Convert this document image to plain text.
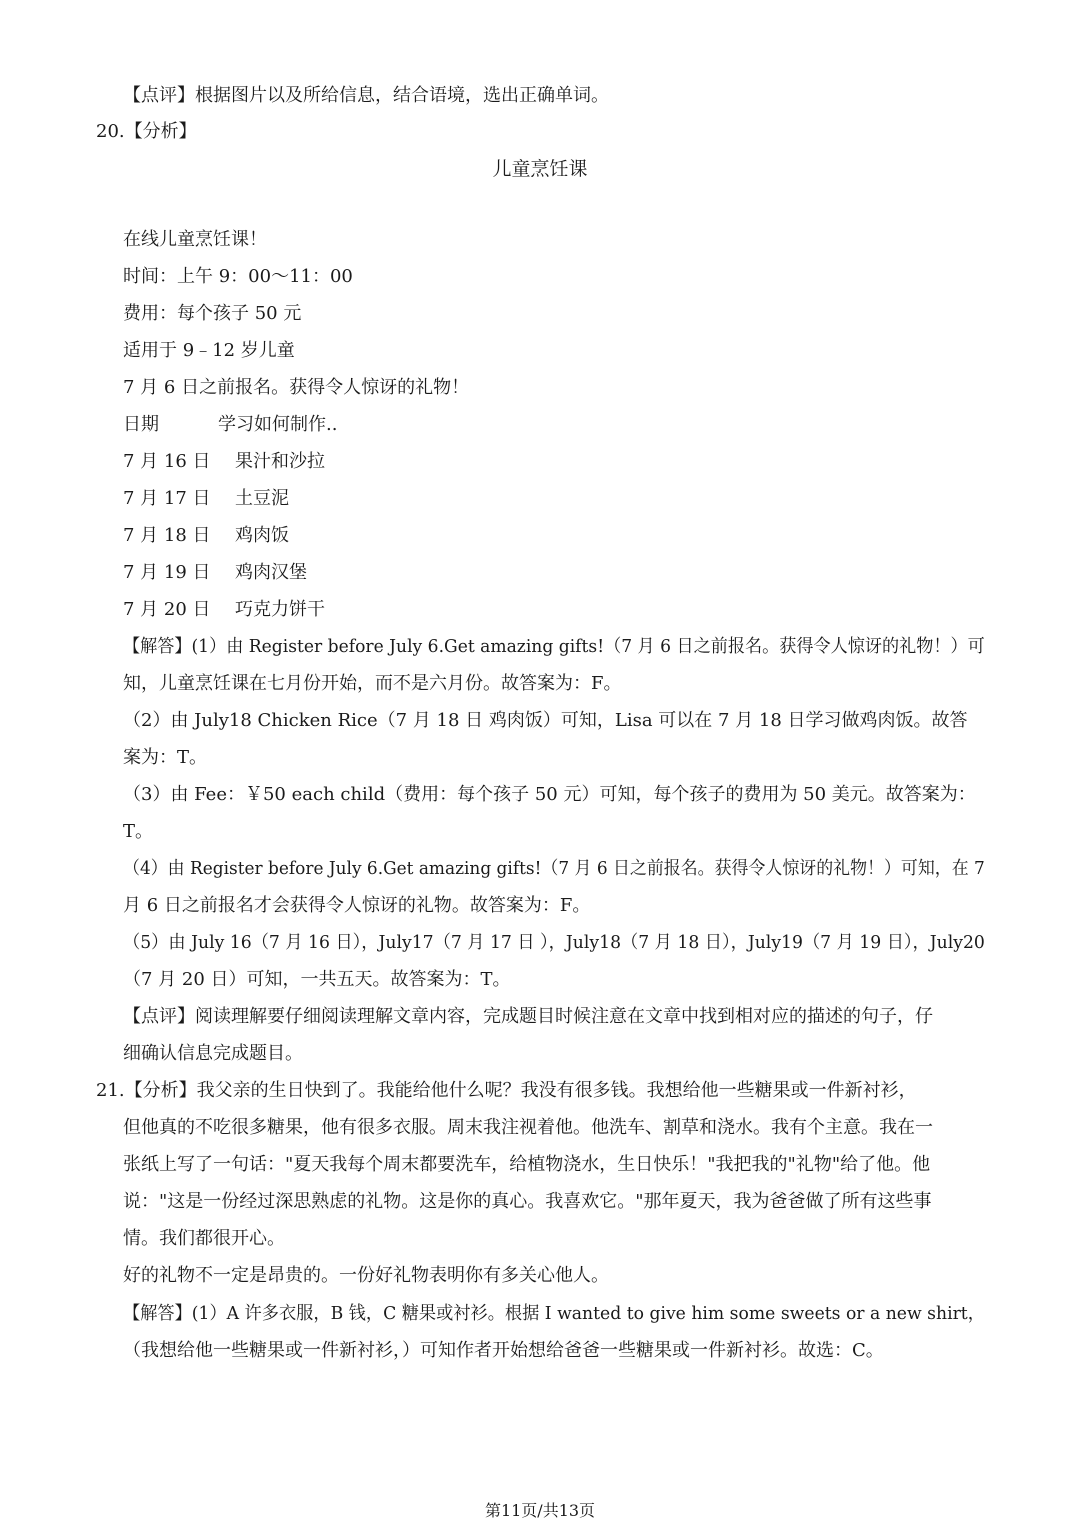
【点评】根据图片以及所给信息，结合语境，选出正确单词。
20.【分析】
儿童烹饪课
在线儿童烹饪课！
时间：上午 9：00～11：00
费用：每个孩子 50 元
适用于 9﹣12 岁儿童
7 月 6 日之前报名。获得令人惊讶的礼物！
日期	学习如何制作..
7 月 16 日 果汁和沙拉
7 月 17 日 土豆泥
7 月 18 日 鸡肉饭
7 月 19 日 鸡肉汉堡
7 月 20 日 巧克力饼干
【解答】(1）由 Register before July 6.Get amazing gifts!（7 月 6 日之前报名。获得令人惊讶的礼物！）可
知，儿童烹饪课在七月份开始，而不是六月份。故答案为：F。
（2）由 July18 Chicken Rice（7 月 18 日 鸡肉饭）可知，Lisa 可以在 7 月 18 日学习做鸡肉饭。故答
案为：T。
（3）由 Fee：￥50 each child（费用：每个孩子 50 元）可知，每个孩子的费用为 50 美元。故答案为：
T。
（4）由 Register before July 6.Get amazing gifts!（7 月 6 日之前报名。获得令人惊讶的礼物！）可知，在 7
月 6 日之前报名才会获得令人惊讶的礼物。故答案为：F。
（5）由 July 16（7 月 16 日），July17（7 月 17 日 ），July18（7 月 18 日），July19（7 月 19 日），July20
（7 月 20 日）可知，一共五天。故答案为：T。
【点评】阅读理解要仔细阅读理解文章内容，完成题目时候注意在文章中找到相对应的描述的句子，仔
细确认信息完成题目。
21.【分析】我父亲的生日快到了。我能给他什么呢？我没有很多钱。我想给他一些糖果或一件新衬衫，
但他真的不吃很多糖果，他有很多衣服。周末我注视着他。他洗车、割草和浇水。我有个主意。我在一
张纸上写了一句话："夏天我每个周末都要洗车，给植物浇水，生日快乐！"我把我的"礼物"给了他。他
说："这是一份经过深思熟虑的礼物。这是你的真心。我喜欢它。"那年夏天，我为爸爸做了所有这些事
情。我们都很开心。
好的礼物不一定是昂贵的。一份好礼物表明你有多关心他人。
【解答】(1）A 许多衣服，B 钱，C 糖果或衬衫。根据 I wanted to give him some sweets or a new shirt，
（我想给他一些糖果或一件新衬衫，）可知作者开始想给爸爸一些糖果或一件新衬衫。故选：C。
第11页/共13页
